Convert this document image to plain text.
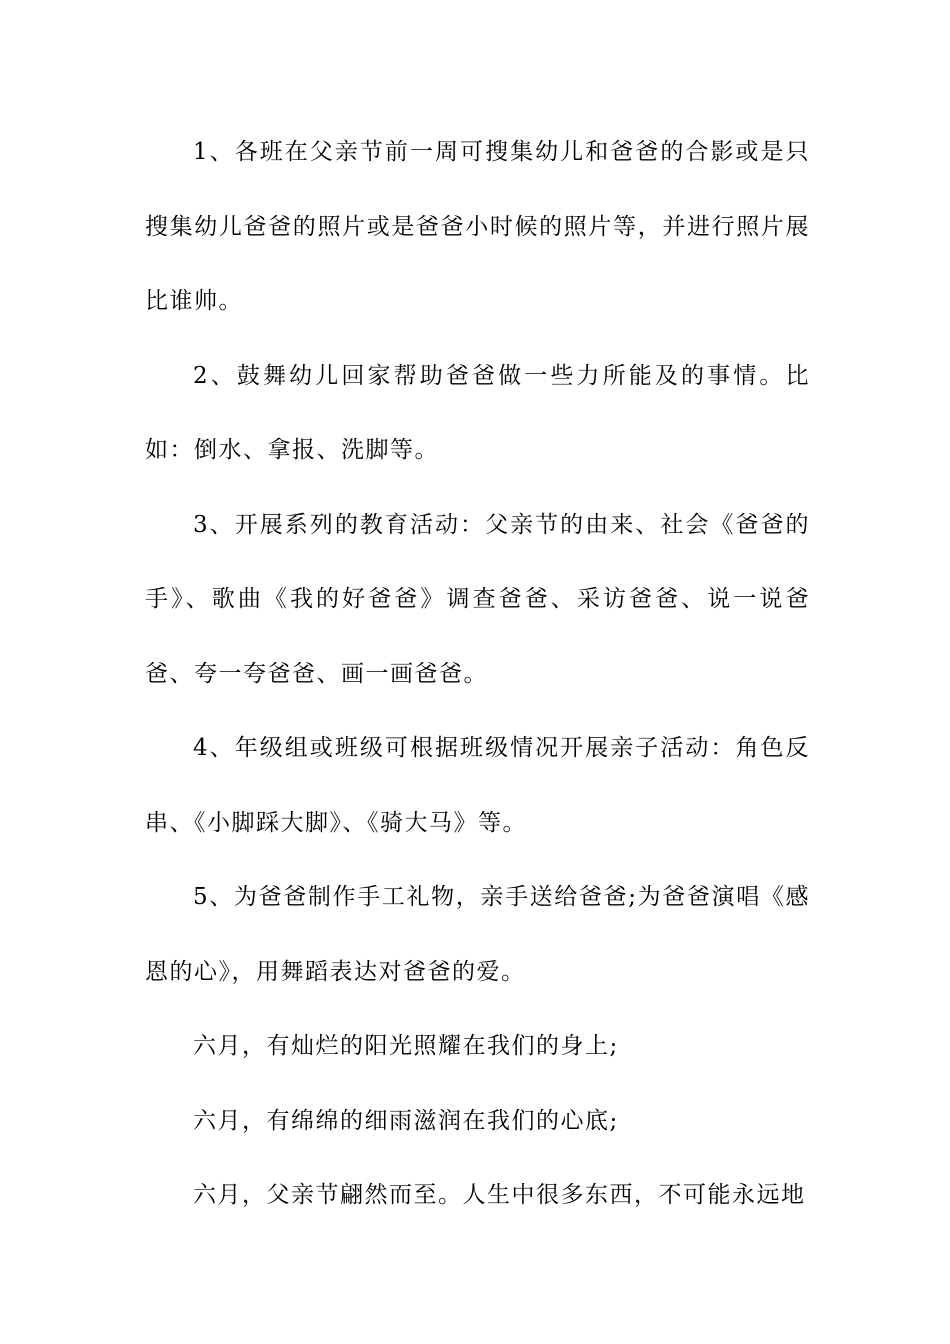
1、各班在父亲节前一周可搜集幼儿和爸爸的合影或是只搜集幼儿爸爸的照片或是爸爸小时候的照片等，并进行照片展比谁帅。

2、鼓舞幼儿回家帮助爸爸做一些力所能及的事情。比如：倒水、拿报、洗脚等。

3、开展系列的教育活动：父亲节的由来、社会《爸爸的手》、歌曲《我的好爸爸》调查爸爸、采访爸爸、说一说爸爸、夸一夸爸爸、画一画爸爸。

4、年级组或班级可根据班级情况开展亲子活动：角色反串、《小脚踩大脚》、《骑大马》等。

5、为爸爸制作手工礼物，亲手送给爸爸;为爸爸演唱《感恩的心》，用舞蹈表达对爸爸的爱。

六月，有灿烂的阳光照耀在我们的身上;

六月，有绵绵的细雨滋润在我们的心底;

六月，父亲节翩然而至。人生中很多东西，不可能永远地
